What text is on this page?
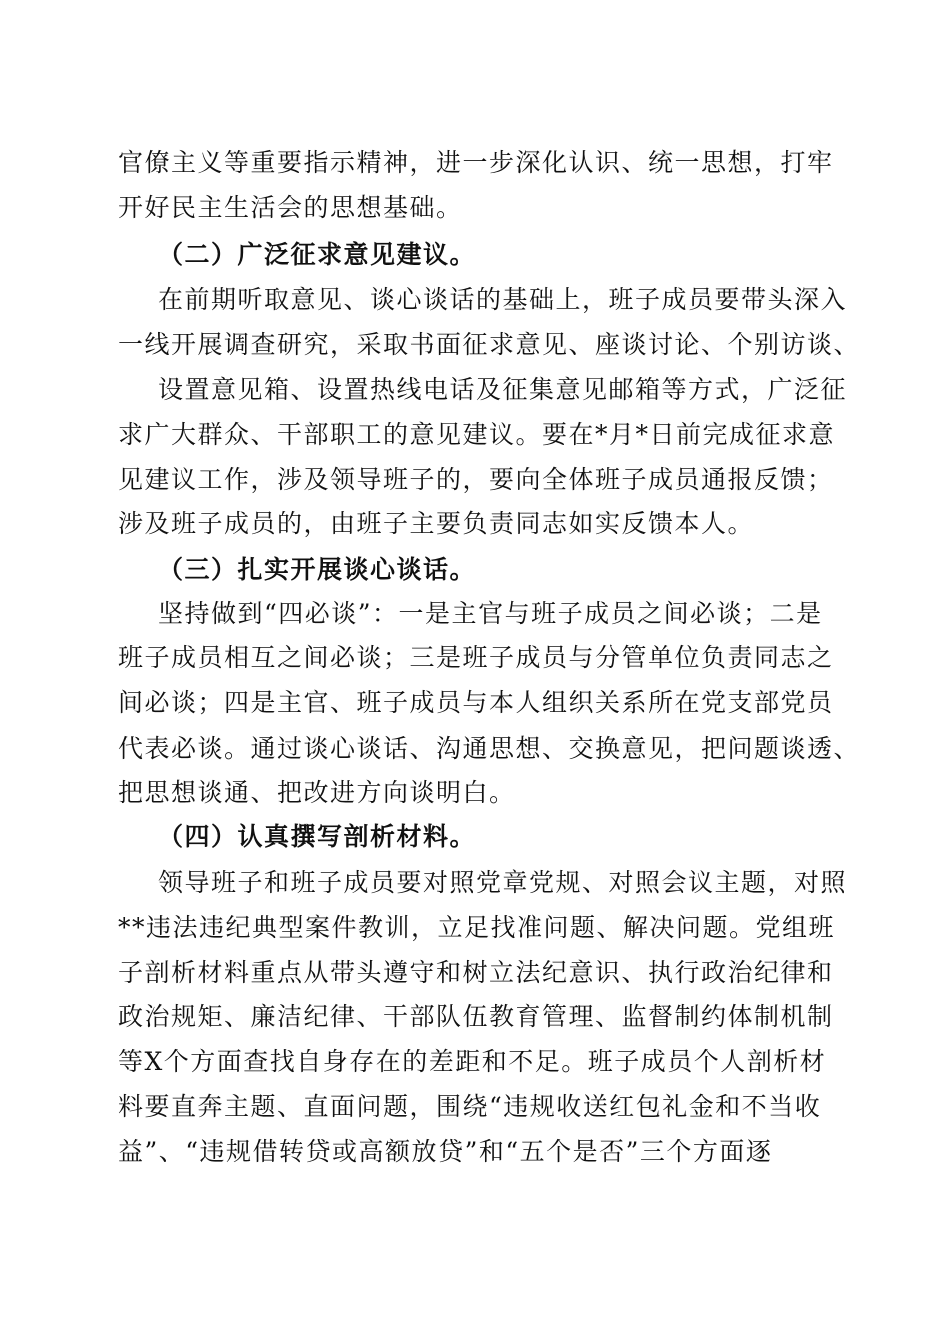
官僚主义等重要指示精神，进一步深化认识、统一思想，打牢
开好民主生活会的思想基础。
（二）广泛征求意见建议。
在前期听取意见、谈心谈话的基础上，班子成员要带头深入
一线开展调查研究，采取书面征求意见、座谈讨论、个别访谈、
设置意见箱、设置热线电话及征集意见邮箱等方式，广泛征
求广大群众、干部职工的意见建议。要在*月*日前完成征求意
见建议工作，涉及领导班子的，要向全体班子成员通报反馈；
涉及班子成员的，由班子主要负责同志如实反馈本人。
（三）扎实开展谈心谈话。
坚持做到“四必谈”：一是主官与班子成员之间必谈；二是
班子成员相互之间必谈；三是班子成员与分管单位负责同志之
间必谈；四是主官、班子成员与本人组织关系所在党支部党员
代表必谈。通过谈心谈话、沟通思想、交换意见，把问题谈透、
把思想谈通、把改进方向谈明白。
（四）认真撰写剖析材料。
领导班子和班子成员要对照党章党规、对照会议主题，对照
**违法违纪典型案件教训，立足找准问题、解决问题。党组班
子剖析材料重点从带头遵守和树立法纪意识、执行政治纪律和
政治规矩、廉洁纪律、干部队伍教育管理、监督制约体制机制
等X个方面查找自身存在的差距和不足。班子成员个人剖析材
料要直奔主题、直面问题，围绕“违规收送红包礼金和不当收
益”、“违规借转贷或高额放贷”和“五个是否”三个方面逐
